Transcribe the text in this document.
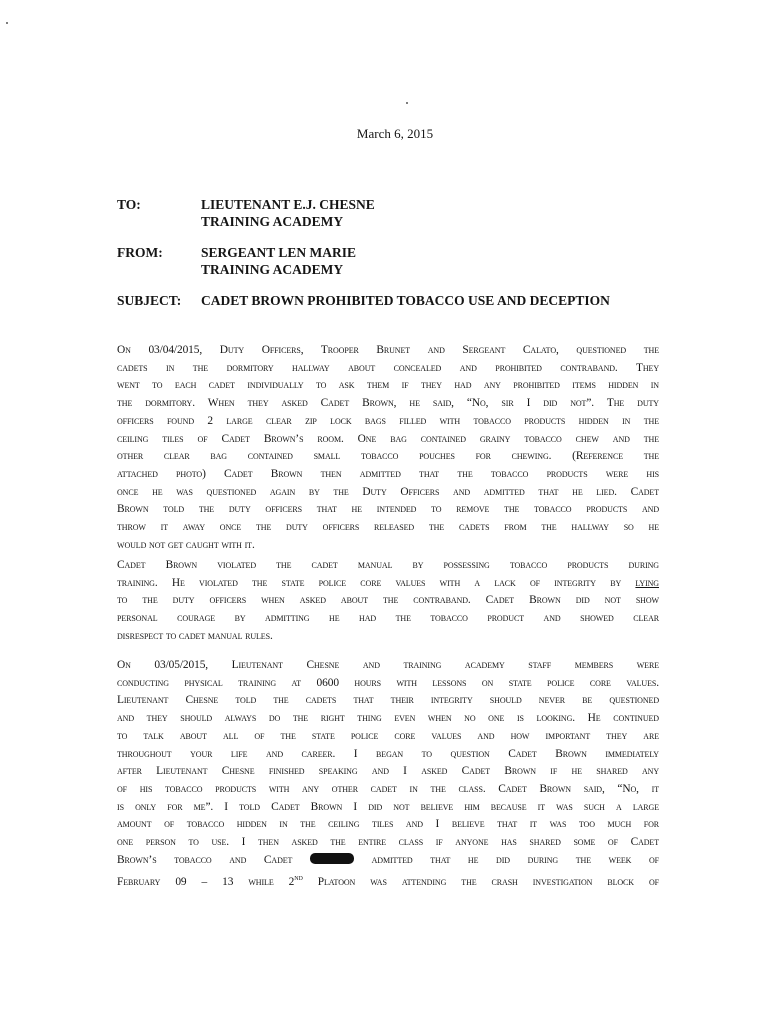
March 6, 2015
TO:	LIEUTENANT E.J. CHESNE
TRAINING ACADEMY
FROM:	SERGEANT LEN MARIE
TRAINING ACADEMY
SUBJECT: CADET BROWN PROHIBITED TOBACCO USE AND DECEPTION
On 03/04/2015, Duty Officers, Trooper Brunet and Sergeant Calato, questioned the
cadets in the dormitory hallway about concealed and prohibited contraband. They
went to each cadet individually to ask them if they had any prohibited items hidden in
the dormitory. When they asked Cadet Brown, he said, “No, sir I did not”. The duty
officers found 2 large clear zip lock bags filled with tobacco products hidden in the
ceiling tiles of Cadet Brown’s room. One bag contained grainy tobacco chew and the
other clear bag contained small tobacco pouches for chewing. (Reference the
attached photo) Cadet Brown then admitted that the tobacco products were his
once he was questioned again by the Duty Officers and admitted that he lied. Cadet
Brown told the duty officers that he intended to remove the tobacco products and
throw it away once the duty officers released the cadets from the hallway so he
would not get caught with it.
Cadet Brown violated the cadet manual by possessing tobacco products during
training. He violated the state police core values with a lack of integrity by lying
to the duty officers when asked about the contraband. Cadet Brown did not show
personal courage by admitting he had the tobacco product and showed clear
disrespect to cadet manual rules.
On 03/05/2015, Lieutenant Chesne and training academy staff members were
conducting physical training at 0600 hours with lessons on state police core values.
Lieutenant Chesne told the cadets that their integrity should never be questioned
and they should always do the right thing even when no one is looking. He continued
to talk about all of the state police core values and how important they are
throughout your life and career. I began to question Cadet Brown immediately
after Lieutenant Chesne finished speaking and I asked Cadet Brown if he shared any
of his tobacco products with any other cadet in the class. Cadet Brown said, “No, it
is only for me”. I told Cadet Brown I did not believe him because it was such a large
amount of tobacco hidden in the ceiling tiles and I believe that it was too much for
one person to use. I then asked the entire class if anyone has shared some of Cadet
Brown’s tobacco and Cadet	admitted that he did during the week of
February 09 – 13 while 2nd Platoon was attending the crash investigation block of
